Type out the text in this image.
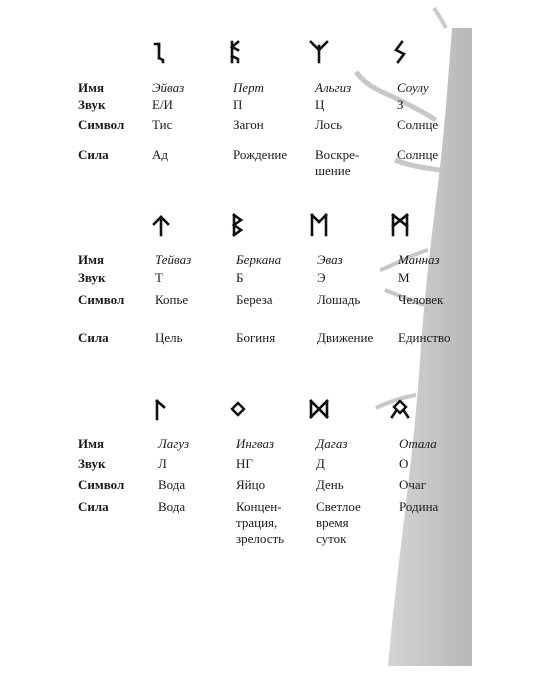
Имя
Звук
Символ
Сила
Эйваз
Е/И
Тис
Ад
Перт
П
Загон
Рождение
Альгиз
Ц
Лось
Воскре-
шение
Соулу
З
Солнце
Солнце
Имя
Звук
Символ
Сила
Тейваз
Т
Копье
Цель
Беркана
Б
Береза
Богиня
Эваз
Э
Лошадь
Движение
Манназ
М
Человек
Единство
Имя
Звук
Символ
Сила
Лагуз
Л
Вода
Вода
Ингваз
НГ
Яйцо
Концен-
трация,
зрелость
Дагаз
Д
День
Светлое
время
суток
Отала
О
Очаг
Родина
